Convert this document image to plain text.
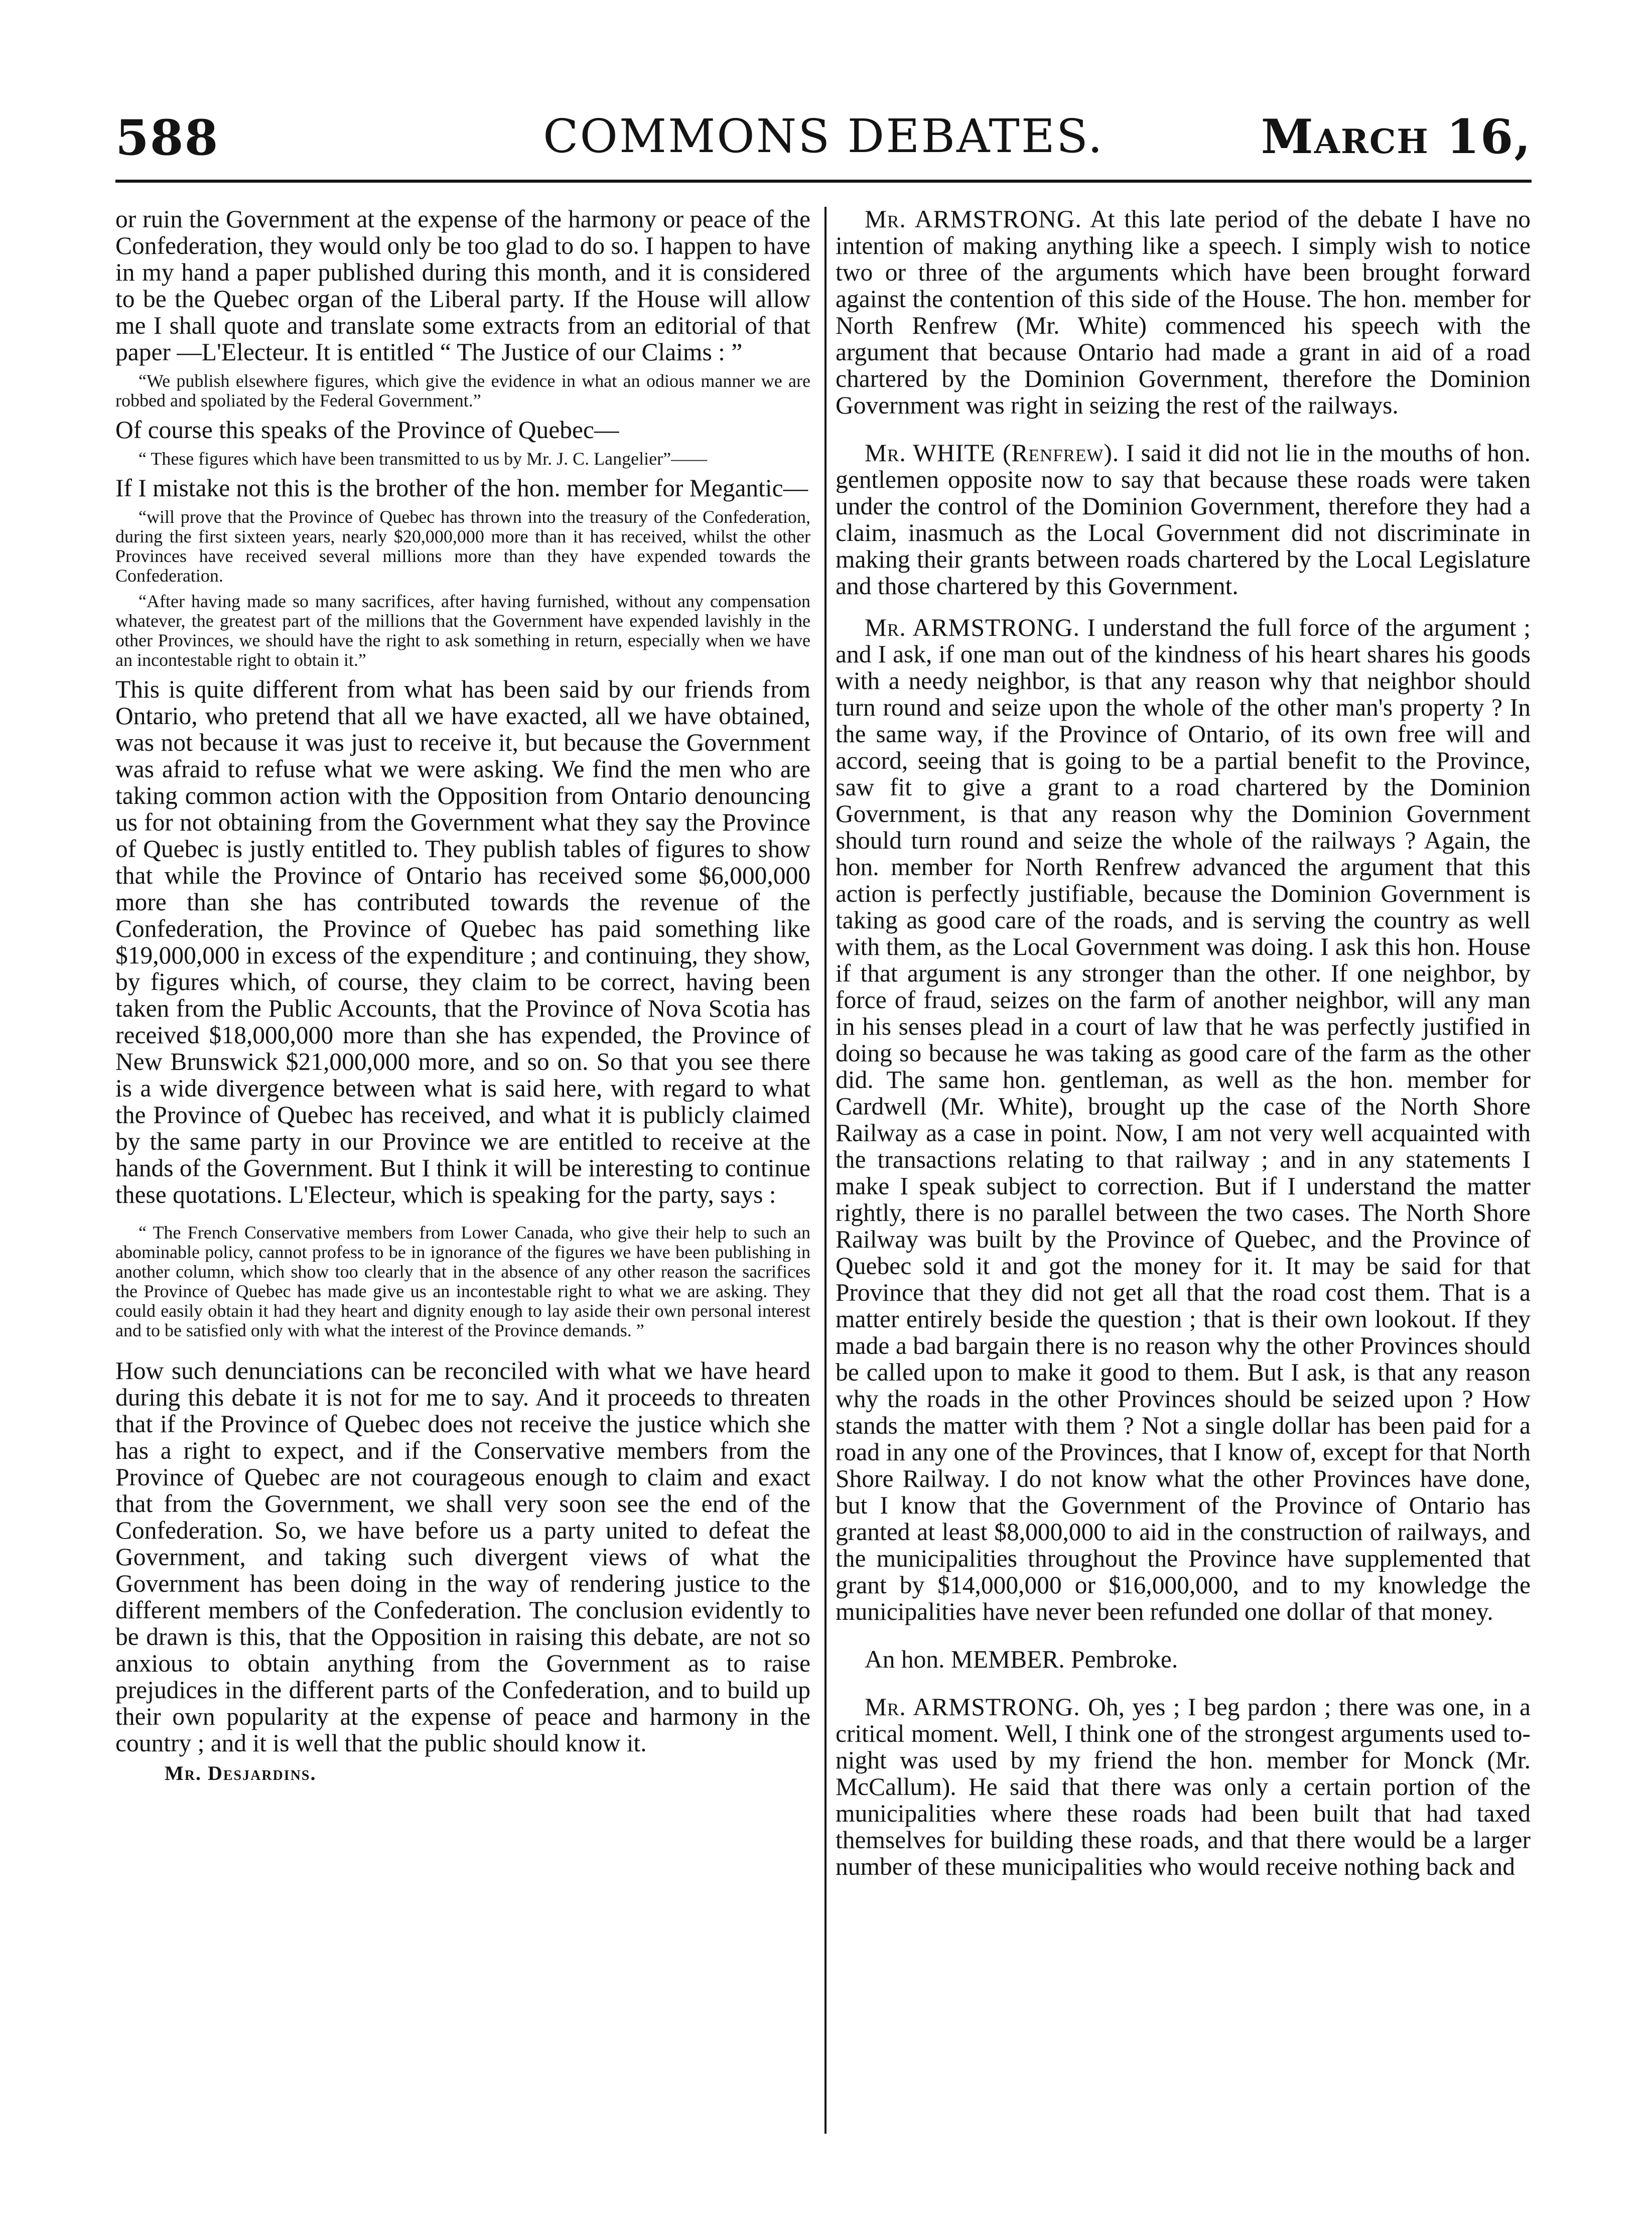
588	COMMONS DEBATES.	March 16,

or ruin the Government at the expense of the harmony or peace of the Confederation, they would only be too glad to do so. I happen to have in my hand a paper published during this month, and it is considered to be the Quebec organ of the Liberal party. If the House will allow me I shall quote and translate some extracts from an editorial of that paper —L'Electeur. It is entitled “ The Justice of our Claims : ”

“We publish elsewhere figures, which give the evidence in what an odious manner we are robbed and spoliated by the Federal Government.”

Of course this speaks of the Province of Quebec—

“ These figures which have been transmitted to us by Mr. J. C. Langelier”——

If I mistake not this is the brother of the hon. member for Megantic—

“will prove that the Province of Quebec has thrown into the treasury of the Confederation, during the first sixteen years, nearly $20,000,000 more than it has received, whilst the other Provinces have received several millions more than they have expended towards the Confederation.
“After having made so many sacrifices, after having furnished, without any compensation whatever, the greatest part of the millions that the Government have expended lavishly in the other Provinces, we should have the right to ask something in return, especially when we have an incontestable right to obtain it.”

This is quite different from what has been said by our friends from Ontario, who pretend that all we have exacted, all we have obtained, was not because it was just to receive it, but because the Government was afraid to refuse what we were asking. We find the men who are taking common action with the Opposition from Ontario denouncing us for not obtaining from the Government what they say the Province of Quebec is justly entitled to. They publish tables of figures to show that while the Province of Ontario has received some $6,000,000 more than she has contributed towards the revenue of the Confederation, the Province of Quebec has paid something like $19,000,000 in excess of the expenditure ; and continuing, they show, by figures which, of course, they claim to be correct, having been taken from the Public Accounts, that the Province of Nova Scotia has received $18,000,000 more than she has expended, the Province of New Brunswick $21,000,000 more, and so on. So that you see there is a wide divergence between what is said here, with regard to what the Province of Quebec has received, and what it is publicly claimed by the same party in our Province we are entitled to receive at the hands of the Government. But I think it will be interesting to continue these quotations. L'Electeur, which is speaking for the party, says :

“ The French Conservative members from Lower Canada, who give their help to such an abominable policy, cannot profess to be in ignorance of the figures we have been publishing in another column, which show too clearly that in the absence of any other reason the sacrifices the Province of Quebec has made give us an incontestable right to what we are asking. They could easily obtain it had they heart and dignity enough to lay aside their own personal interest and to be satisfied only with what the interest of the Province demands. ”

How such denunciations can be reconciled with what we have heard during this debate it is not for me to say. And it proceeds to threaten that if the Province of Quebec does not receive the justice which she has a right to expect, and if the Conservative members from the Province of Quebec are not courageous enough to claim and exact that from the Government, we shall very soon see the end of the Confederation. So, we have before us a party united to defeat the Government, and taking such divergent views of what the Government has been doing in the way of rendering justice to the different members of the Confederation. The conclusion evidently to be drawn is this, that the Opposition in raising this debate, are not so anxious to obtain anything from the Government as to raise prejudices in the different parts of the Confederation, and to build up their own popularity at the expense of peace and harmony in the country ; and it is well that the public should know it.

Mr. Desjardins.

Mr. ARMSTRONG. At this late period of the debate I have no intention of making anything like a speech. I simply wish to notice two or three of the arguments which have been brought forward against the contention of this side of the House. The hon. member for North Renfrew (Mr. White) commenced his speech with the argument that because Ontario had made a grant in aid of a road chartered by the Dominion Government, therefore the Dominion Government was right in seizing the rest of the railways.

Mr. WHITE (Renfrew). I said it did not lie in the mouths of hon. gentlemen opposite now to say that because these roads were taken under the control of the Dominion Government, therefore they had a claim, inasmuch as the Local Government did not discriminate in making their grants between roads chartered by the Local Legislature and those chartered by this Government.

Mr. ARMSTRONG. I understand the full force of the argument ; and I ask, if one man out of the kindness of his heart shares his goods with a needy neighbor, is that any reason why that neighbor should turn round and seize upon the whole of the other man's property ? In the same way, if the Province of Ontario, of its own free will and accord, seeing that is going to be a partial benefit to the Province, saw fit to give a grant to a road chartered by the Dominion Government, is that any reason why the Dominion Government should turn round and seize the whole of the railways ? Again, the hon. member for North Renfrew advanced the argument that this action is perfectly justifiable, because the Dominion Government is taking as good care of the roads, and is serving the country as well with them, as the Local Government was doing. I ask this hon. House if that argument is any stronger than the other. If one neighbor, by force of fraud, seizes on the farm of another neighbor, will any man in his senses plead in a court of law that he was perfectly justified in doing so because he was taking as good care of the farm as the other did. The same hon. gentleman, as well as the hon. member for Cardwell (Mr. White), brought up the case of the North Shore Railway as a case in point. Now, I am not very well acquainted with the transactions relating to that railway ; and in any statements I make I speak subject to correction. But if I understand the matter rightly, there is no parallel between the two cases. The North Shore Railway was built by the Province of Quebec, and the Province of Quebec sold it and got the money for it. It may be said for that Province that they did not get all that the road cost them. That is a matter entirely beside the question ; that is their own lookout. If they made a bad bargain there is no reason why the other Provinces should be called upon to make it good to them. But I ask, is that any reason why the roads in the other Provinces should be seized upon ? How stands the matter with them ? Not a single dollar has been paid for a road in any one of the Provinces, that I know of, except for that North Shore Railway. I do not know what the other Provinces have done, but I know that the Government of the Province of Ontario has granted at least $8,000,000 to aid in the construction of railways, and the municipalities throughout the Province have supplemented that grant by $14,000,000 or $16,000,000, and to my knowledge the municipalities have never been refunded one dollar of that money.

An hon. MEMBER. Pembroke.

Mr. ARMSTRONG. Oh, yes ; I beg pardon ; there was one, in a critical moment. Well, I think one of the strongest arguments used to-night was used by my friend the hon. member for Monck (Mr. McCallum). He said that there was only a certain portion of the municipalities where these roads had been built that had taxed themselves for building these roads, and that there would be a larger number of these municipalities who would receive nothing back and
